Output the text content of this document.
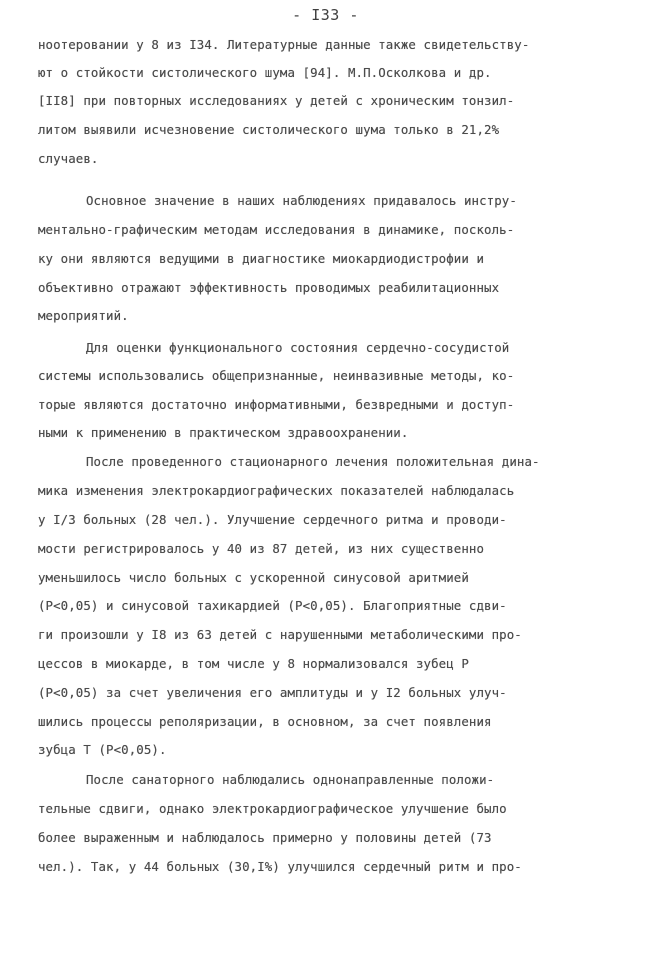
- I33 -
ноотеровании у 8 из I34. Литературные данные также свидетельству-
ют о стойкости систолического шума [94]. М.П.Осколкова и др.
[II8] при повторных исследованиях у детей с хроническим тонзил-
литом выявили исчезновение систолического шума только в 21,2%
случаев.
Основное значение в наших наблюдениях придавалось инстру-
ментально-графическим методам исследования в динамике, посколь-
ку они являются ведущими в диагностике миокардиодистрофии и
объективно отражают эффективность проводимых реабилитационных
мероприятий.
Для оценки функционального состояния сердечно-сосудистой
системы использовались общепризнанные, неинвазивные методы, ко-
торые являются достаточно информативными, безвредными и доступ-
ными к применению в практическом здравоохранении.
После проведенного стационарного лечения положительная дина-
мика изменения электрокардиографических показателей наблюдалась
у I/3 больных (28 чел.). Улучшение сердечного ритма и проводи-
мости регистрировалось у 40 из 87 детей, из них существенно
уменьшилось число больных с ускоренной синусовой аритмией
(P<0,05) и синусовой тахикардией (P<0,05). Благоприятные сдви-
ги произошли у I8 из 63 детей с нарушенными метаболическими про-
цессов в миокарде, в том числе у 8 нормализовался зубец P
(P<0,05) за счет увеличения его амплитуды и у I2 больных улуч-
шились процессы реполяризации, в основном, за счет появления
зубца T (P<0,05).
После санаторного наблюдались однонаправленные положи-
тельные сдвиги, однако электрокардиографическое улучшение было
более выраженным и наблюдалось примерно у половины детей (73
чел.). Так, у 44 больных (30,I%) улучшился сердечный ритм и про-
